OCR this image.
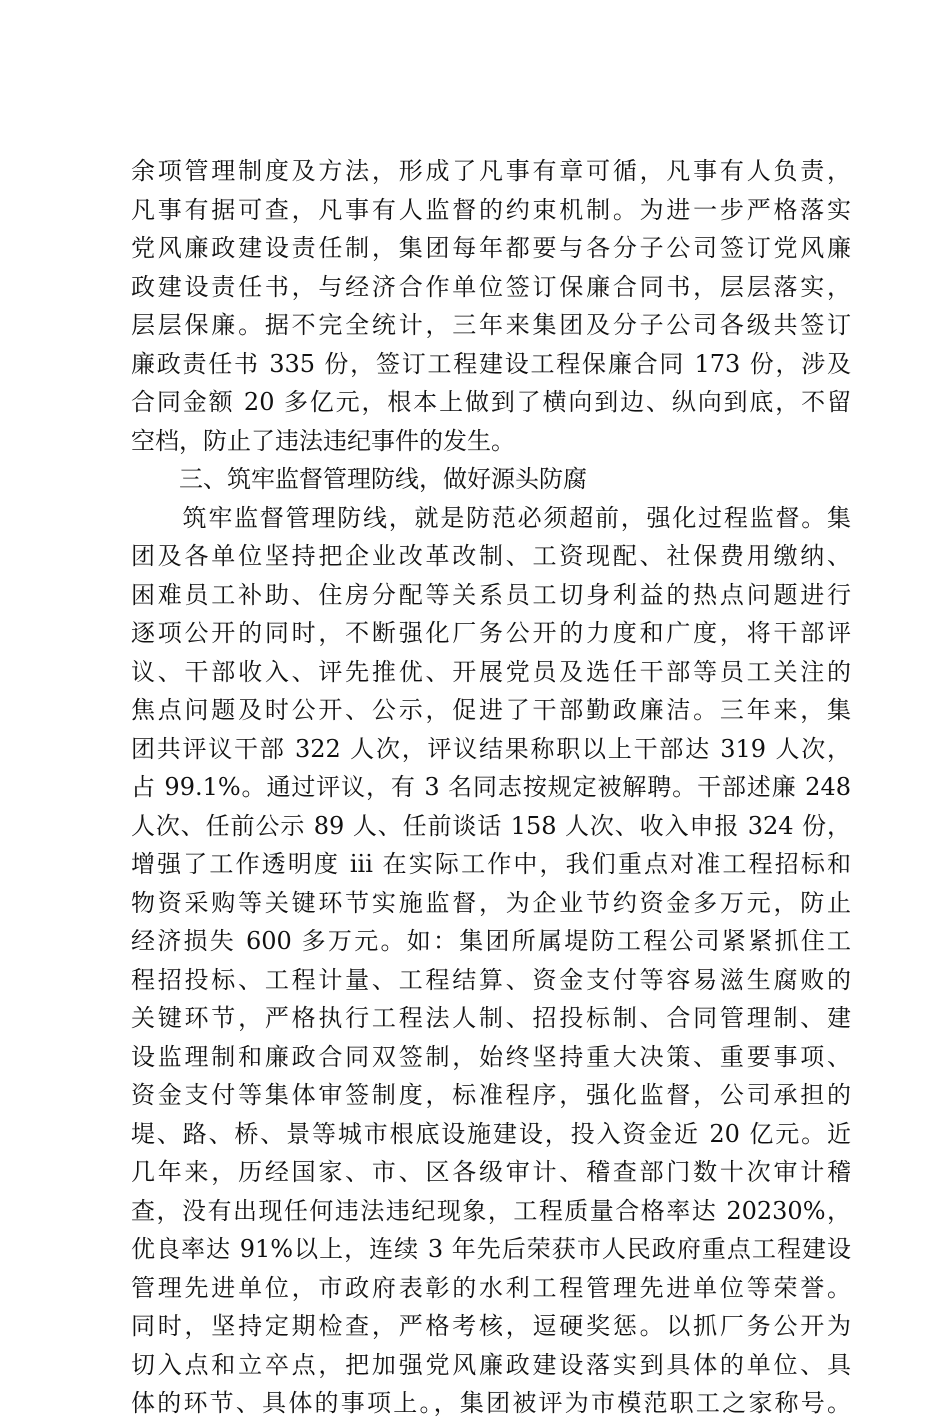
余项管理制度及方法，形成了凡事有章可循，凡事有人负责，
凡事有据可查，凡事有人监督的约束机制。为进一步严格落实
党风廉政建设责任制，集团每年都要与各分子公司签订党风廉
政建设责任书，与经济合作单位签订保廉合同书，层层落实，
层层保廉。据不完全统计，三年来集团及分子公司各级共签订
廉政责任书 335 份，签订工程建设工程保廉合同 173 份，涉及
合同金额 20 多亿元，根本上做到了横向到边、纵向到底，不留
空档，防止了违法违纪事件的发生。
　　三、筑牢监督管理防线，做好源头防腐
　　筑牢监督管理防线，就是防范必须超前，强化过程监督。集
团及各单位坚持把企业改革改制、工资现配、社保费用缴纳、
困难员工补助、住房分配等关系员工切身利益的热点问题进行
逐项公开的同时，不断强化厂务公开的力度和广度，将干部评
议、干部收入、评先推优、开展党员及选任干部等员工关注的
焦点问题及时公开、公示，促进了干部勤政廉洁。三年来，集
团共评议干部 322 人次，评议结果称职以上干部达 319 人次，
占 99.1%。通过评议，有 3 名同志按规定被解聘。干部述廉 248
人次、任前公示 89 人、任前谈话 158 人次、收入申报 324 份，
增强了工作透明度 iii 在实际工作中，我们重点对准工程招标和
物资采购等关键环节实施监督，为企业节约资金多万元，防止
经济损失 600 多万元。如：集团所属堤防工程公司紧紧抓住工
程招投标、工程计量、工程结算、资金支付等容易滋生腐败的
关键环节，严格执行工程法人制、招投标制、合同管理制、建
设监理制和廉政合同双签制，始终坚持重大决策、重要事项、
资金支付等集体审签制度，标准程序，强化监督，公司承担的
堤、路、桥、景等城市根底设施建设，投入资金近 20 亿元。近
几年来，历经国家、市、区各级审计、稽查部门数十次审计稽
查，没有出现任何违法违纪现象，工程质量合格率达 20230%，
优良率达 91%以上，连续 3 年先后荣获市人民政府重点工程建设
管理先进单位，市政府表彰的水利工程管理先进单位等荣誉。
同时，坚持定期检查，严格考核，逗硬奖惩。以抓厂务公开为
切入点和立卒点，把加强党风廉政建设落实到具体的单位、具
体的环节、具体的事项上。，集团被评为市模范职工之家称号。
